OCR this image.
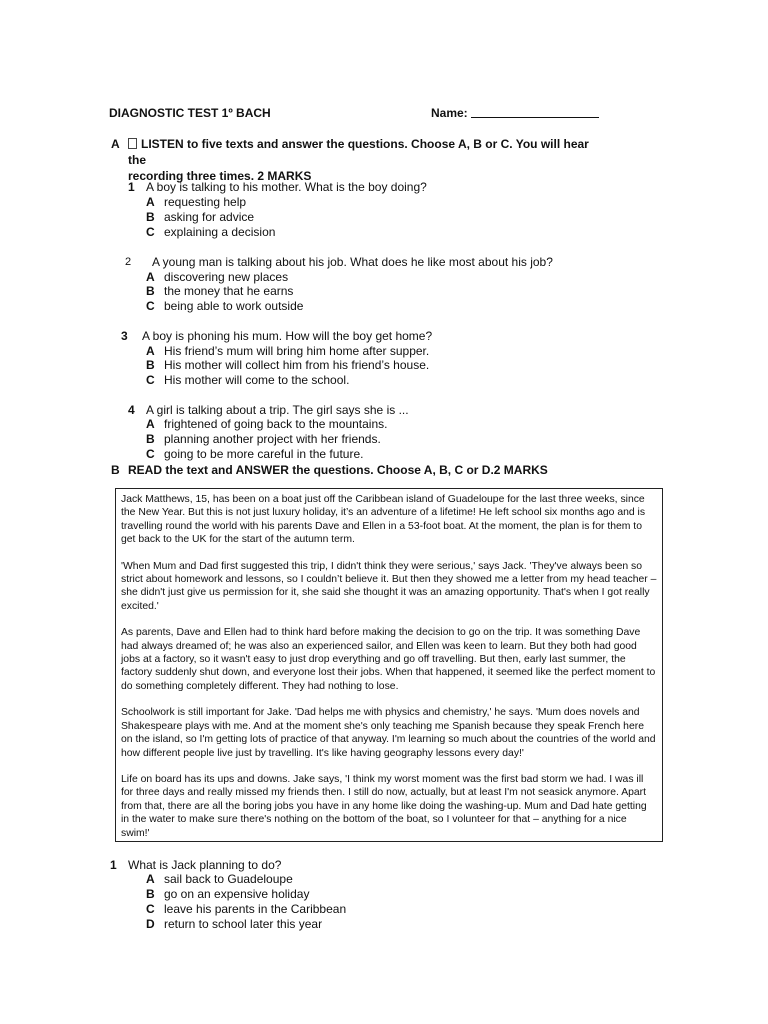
DIAGNOSTIC TEST 1º BACH	Name:
A	LISTEN to five texts and answer the questions. Choose A, B or C. You will hear the
recording three times. 2 MARKS
1 A boy is talking to his mother. What is the boy doing?
A requesting help
B asking for advice
C explaining a decision
2 A young man is talking about his job. What does he like most about his job?
A discovering new places
B the money that he earns
C being able to work outside
3 A boy is phoning his mum. How will the boy get home?
A His friend’s mum will bring him home after supper.
B His mother will collect him from his friend’s house.
C His mother will come to the school.
4 A girl is talking about a trip. The girl says she is ...
A frightened of going back to the mountains.
B planning another project with her friends.
C going to be more careful in the future.
B READ the text and ANSWER the questions. Choose A, B, C or D.2 MARKS

Jack Matthews, 15, has been on a boat just off the Caribbean island of Guadeloupe for the last three weeks, since the New Year. But this is not just luxury holiday, it’s an adventure of a lifetime! He left school six months ago and is travelling round the world with his parents Dave and Ellen in a 53-foot boat. At the moment, the plan is for them to get back to the UK for the start of the autumn term.

'When Mum and Dad first suggested this trip, I didn't think they were serious,' says Jack. 'They've always been so strict about homework and lessons, so I couldn’t believe it. But then they showed me a letter from my head teacher – she didn't just give us permission for it, she said she thought it was an amazing opportunity. That's when I got really excited.'

As parents, Dave and Ellen had to think hard before making the decision to go on the trip. It was something Dave had always dreamed of; he was also an experienced sailor, and Ellen was keen to learn. But they both had good jobs at a factory, so it wasn't easy to just drop everything and go off travelling. But then, early last summer, the factory suddenly shut down, and everyone lost their jobs. When that happened, it seemed like the perfect moment to do something completely different. They had nothing to lose.

Schoolwork is still important for Jake. 'Dad helps me with physics and chemistry,' he says. 'Mum does novels and Shakespeare plays with me. And at the moment she's only teaching me Spanish because they speak French here on the island, so I'm getting lots of practice of that anyway. I'm learning so much about the countries of the world and how different people live just by travelling. It's like having geography lessons every day!'

Life on board has its ups and downs. Jake says, 'I think my worst moment was the first bad storm we had. I was ill for three days and really missed my friends then. I still do now, actually, but at least I'm not seasick anymore. Apart from that, there are all the boring jobs you have in any home like doing the washing-up. Mum and Dad hate getting in the water to make sure there's nothing on the bottom of the boat, so I volunteer for that – anything for a nice swim!'

1 What is Jack planning to do?
A sail back to Guadeloupe
B go on an expensive holiday
C leave his parents in the Caribbean
D return to school later this year
